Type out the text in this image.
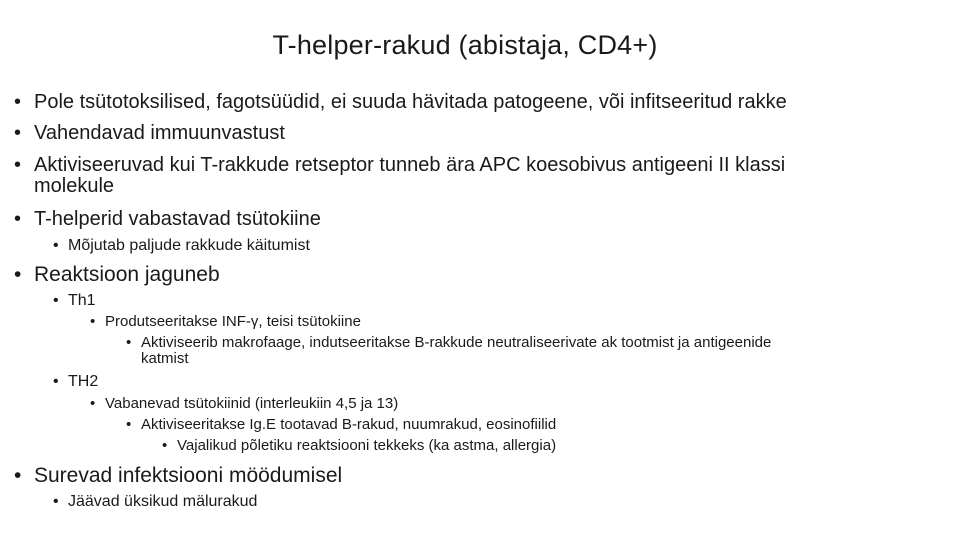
T-helper-rakud (abistaja, CD4+)
• Pole tsütotoksilised, fagotsüüdid, ei suuda hävitada patogeene, või infitseeritud rakke
• Vahendavad immuunvastust
• Aktiviseeruvad kui T-rakkude retseptor tunneb ära APC koesobivus antigeeni II klassi
molekule
• T-helperid vabastavad tsütokiine
• Mõjutab paljude rakkude käitumist
• Reaktsioon jaguneb
• Th1
• Produtseeritakse INF-γ, teisi tsütokiine
• Aktiviseerib makrofaage, indutseeritakse B-rakkude neutraliseerivate ak tootmist ja antigeenide
katmist
• TH2
• Vabanevad tsütokiinid (interleukiin 4,5 ja 13)
• Aktiviseeritakse Ig.E tootavad B-rakud, nuumrakud, eosinofiilid
• Vajalikud põletiku reaktsiooni tekkeks (ka astma, allergia)
• Surevad infektsiooni möödumisel
• Jäävad üksikud mälurakud
